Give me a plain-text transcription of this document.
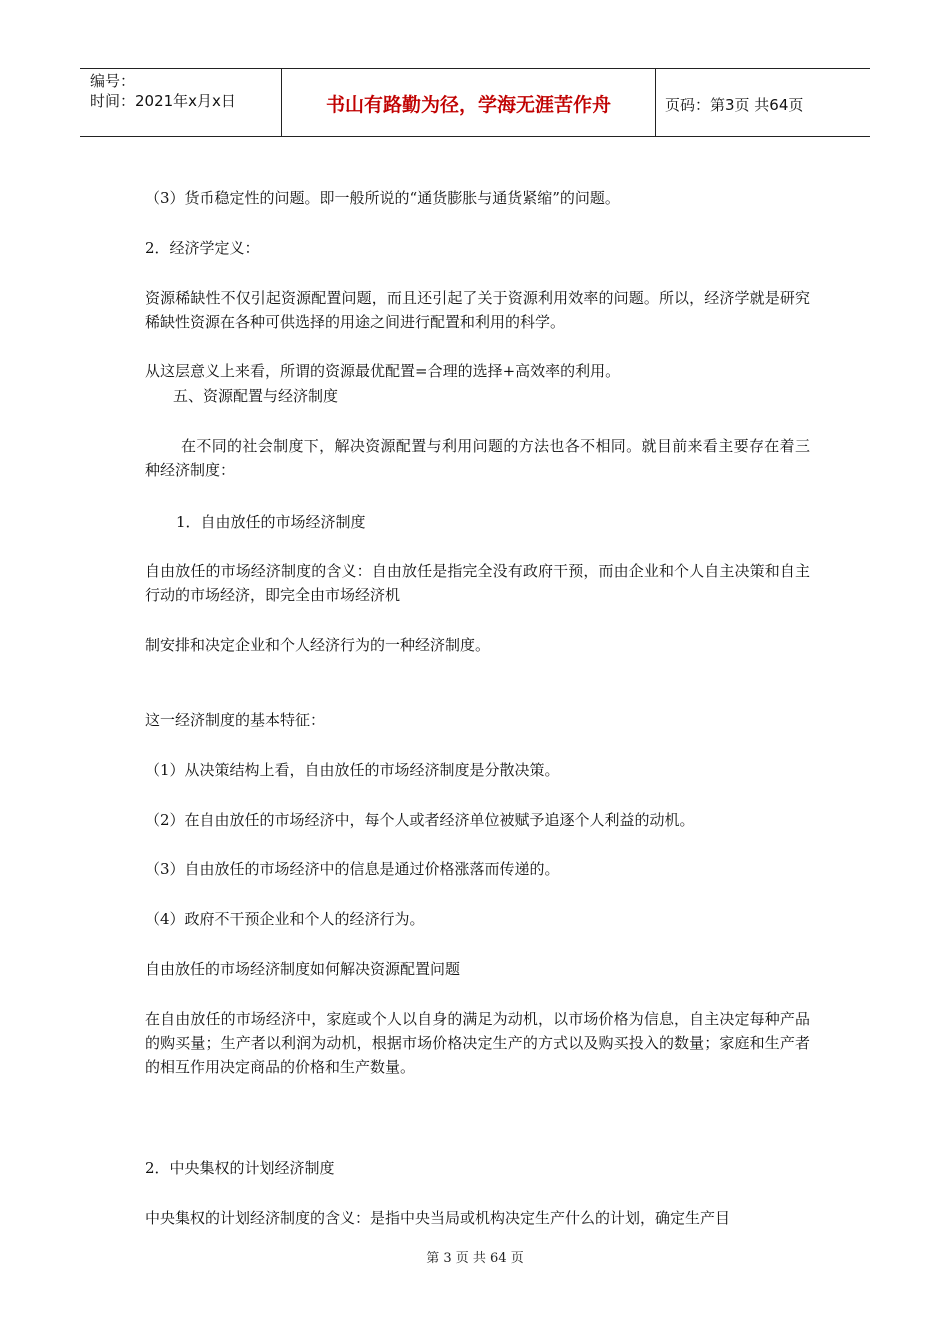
编号：
时间：2021年x月x日	书山有路勤为径，学海无涯苦作舟	页码：第3页 共64页

（3）货币稳定性的问题。即一般所说的“通货膨胀与通货紧缩”的问题。

2．经济学定义：

资源稀缺性不仅引起资源配置问题，而且还引起了关于资源利用效率的问题。所以，经济学就是研究稀缺性资源在各种可供选择的用途之间进行配置和利用的科学。

从这层意义上来看，所谓的资源最优配置=合理的选择+高效率的利用。

五、资源配置与经济制度

在不同的社会制度下，解决资源配置与利用问题的方法也各不相同。就目前来看主要存在着三种经济制度：

1．自由放任的市场经济制度

自由放任的市场经济制度的含义：自由放任是指完全没有政府干预，而由企业和个人自主决策和自主行动的市场经济，即完全由市场经济机

制安排和决定企业和个人经济行为的一种经济制度。

这一经济制度的基本特征：

（1）从决策结构上看，自由放任的市场经济制度是分散决策。

（2）在自由放任的市场经济中，每个人或者经济单位被赋予追逐个人利益的动机。

（3）自由放任的市场经济中的信息是通过价格涨落而传递的。

（4）政府不干预企业和个人的经济行为。

自由放任的市场经济制度如何解决资源配置问题

在自由放任的市场经济中，家庭或个人以自身的满足为动机，以市场价格为信息，自主决定每种产品的购买量；生产者以利润为动机，根据市场价格决定生产的方式以及购买投入的数量；家庭和生产者的相互作用决定商品的价格和生产数量。

2．中央集权的计划经济制度

中央集权的计划经济制度的含义：是指中央当局或机构决定生产什么的计划，确定生产目

第 3 页 共 64 页
